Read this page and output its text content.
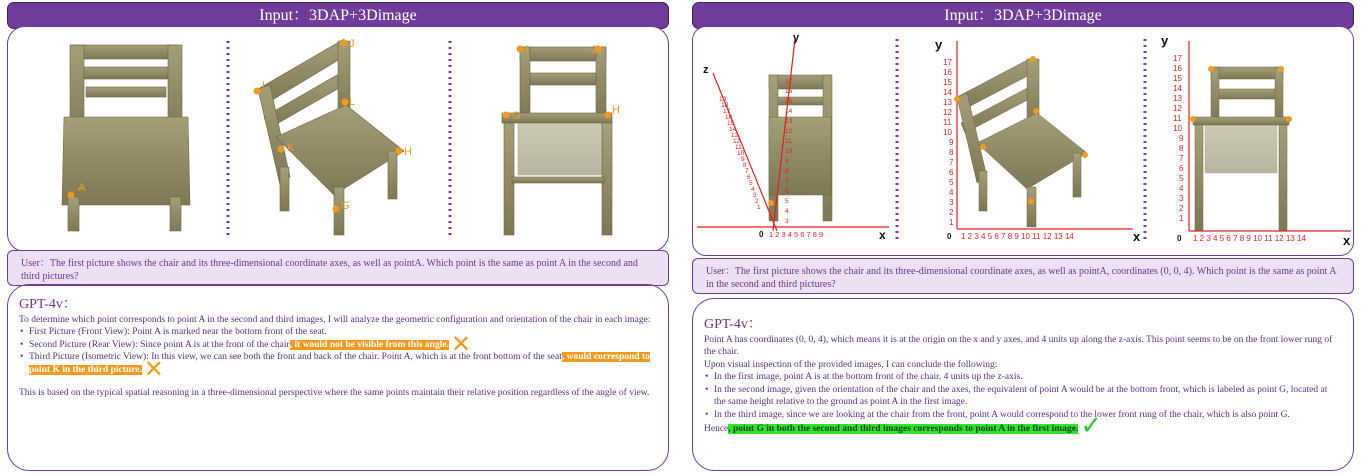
Input：3DAP+3Dimage
A
J
I
L
K	H
G
I	J
G	H
User：The first picture shows the chair and its three-dimensional coordinate axes, as well as pointA. Which point is the same as point A in the second and third pictures?
GPT-4v：
To determine which point corresponds to point A in the second and third images, I will analyze the geometric configuration and orientation of the chair in each image:
• First Picture (Front View): Point A is marked near the bottom front of the seat.
• Second Picture (Rear View): Since point A is at the front of the chair, it would not be visible from this angle.✕
• Third Picture (Isometric View): In this view, we can see both the front and back of the chair. Point A, which is at the front bottom of the seat, would correspond to point K in the third picture.✕
This is based on the typical spatial reasoning in a three-dimensional perspective where the same points maintain their relative position regardless of the angle of view.
Input：3DAP+3Dimage
17
16
15
14
13
12
11
10
9
8
7
6
5
4
3
1 2 3 4 5 6 7 8 9
19
18
17
16
15
14
13
12
11
10
9
8
7
6
5
4
3
2
1
y
z
x
0
17
16
15
14
13
12
11
10
9
8
7
6
5
4
3
2
1
1 2 3 4 5 6 7 8 9 10 11 12 13 14
y
x
0
17
16
15
14
13
12
11
10
9
8
7
6
5
4
3
2
1
1 2 3 4 5 6 7 8 9 10 11 12 13 14
y
x
0
User：The first picture shows the chair and its three-dimensional coordinate axes, as well as pointA, coordinates (0, 0, 4). Which point is the same as point A in the second and third pictures?
GPT-4v：
Point A has coordinates (0, 0, 4), which means it is at the origin on the x and y axes, and 4 units up along the z-axis. This point seems to be on the front lower rung of the chair.
Upon visual inspection of the provided images, I can conclude the following:
• In the first image, point A is at the bottom front of the chair, 4 units up the z-axis.
• In the second image, given the orientation of the chair and the axes, the equivalent of point A would be at the bottom front, which is labeled as point G, located at the same height relative to the ground as point A in the first image.
• In the third image, since we are looking at the chair from the front, point A would correspond to the lower front rung of the chair, which is also point G.
Hence, point G in both the second and third images corresponds to point A in the first image.✓
